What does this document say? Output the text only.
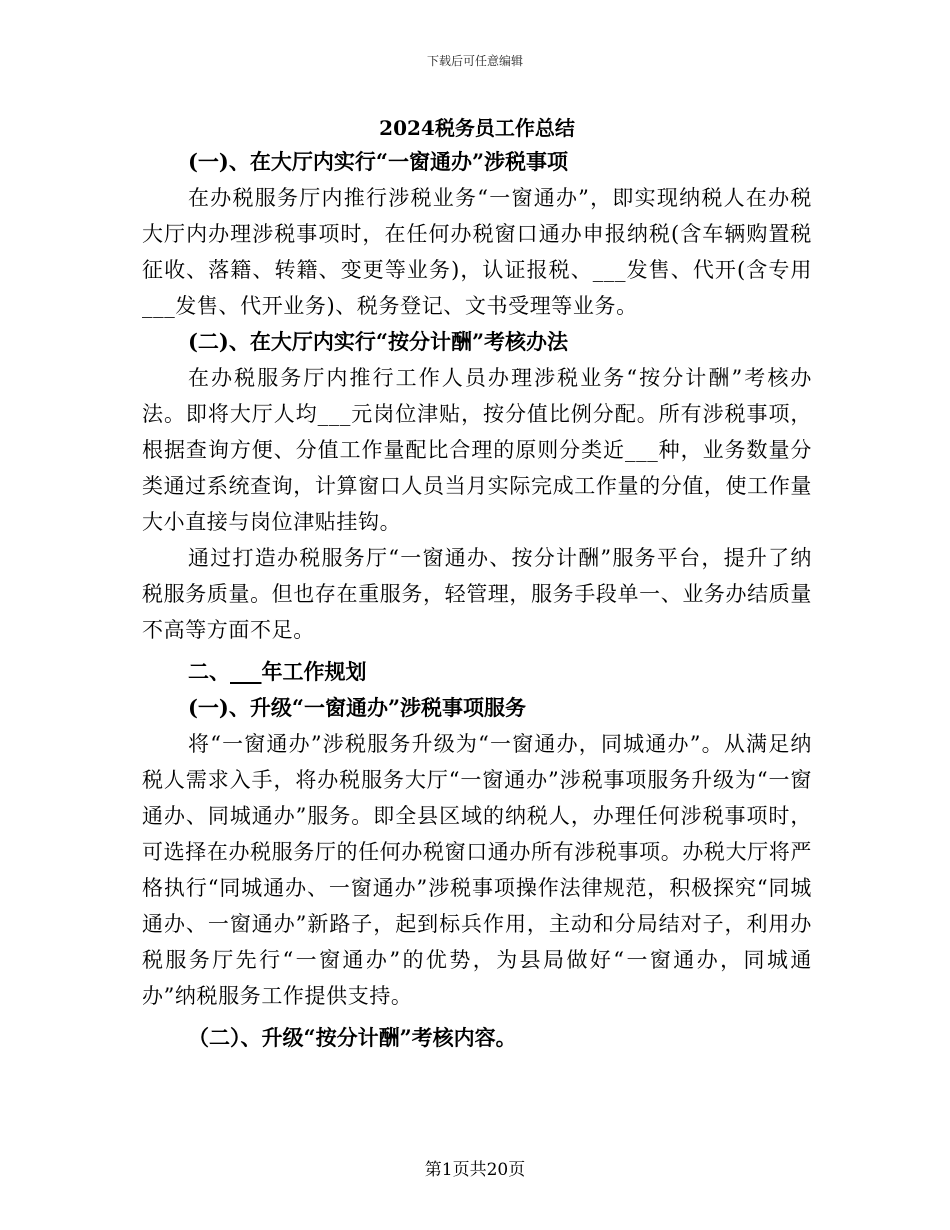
下载后可任意编辑

2024税务员工作总结

(一)、在大厅内实行“一窗通办”涉税事项

在办税服务厅内推行涉税业务“一窗通办”，即实现纳税人在办税大厅内办理涉税事项时，在任何办税窗口通办申报纳税(含车辆购置税征收、落籍、转籍、变更等业务)，认证报税、___发售、代开(含专用___发售、代开业务)、税务登记、文书受理等业务。

(二)、在大厅内实行“按分计酬”考核办法

在办税服务厅内推行工作人员办理涉税业务“按分计酬”考核办法。即将大厅人均___元岗位津贴，按分值比例分配。所有涉税事项，根据查询方便、分值工作量配比合理的原则分类近___种，业务数量分类通过系统查询，计算窗口人员当月实际完成工作量的分值，使工作量大小直接与岗位津贴挂钩。

通过打造办税服务厅“一窗通办、按分计酬”服务平台，提升了纳税服务质量。但也存在重服务，轻管理，服务手段单一、业务办结质量不高等方面不足。

二、___年工作规划

(一)、升级“一窗通办”涉税事项服务

将“一窗通办”涉税服务升级为“一窗通办，同城通办”。从满足纳税人需求入手，将办税服务大厅“一窗通办”涉税事项服务升级为“一窗通办、同城通办”服务。即全县区域的纳税人，办理任何涉税事项时，可选择在办税服务厅的任何办税窗口通办所有涉税事项。办税大厅将严格执行“同城通办、一窗通办”涉税事项操作法律规范，积极探究“同城通办、一窗通办”新路子，起到标兵作用，主动和分局结对子，利用办税服务厅先行“一窗通办”的优势，为县局做好“一窗通办，同城通办”纳税服务工作提供支持。

（二）、升级“按分计酬”考核内容。

第1页共20页
